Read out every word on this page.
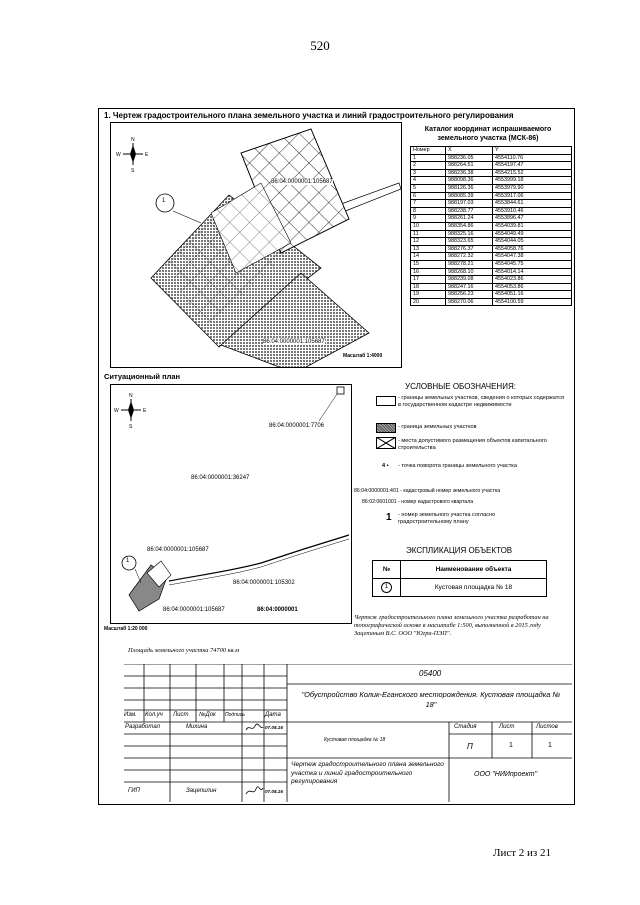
520
1. Чертеж градостроительного плана земельного участка и линий градостроительного регулирования
N
W	E
S
86:04:0000001:105687
86:04:0000001:105687
1
Масштаб 1:4000
Каталог координат испрашиваемого земельного участка (МСК-86)
Номер	X	Y
1	988236.05	4554110.76
2	988264.51	4554197.47
3	988236.38	4554215.52
4	988098.36	4553999.18
5	988126.36	4553979.90
6	988085.39	4553917.06
7	988197.03	4553844.61
8	988238.77	4553910.46
9	988261.24	4553896.47
10	988354.86	4554039.81
11	988325.16	4554049.49
12	988323.65	4554044.05
13	988276.37	4554058.76
14	988272.32	4554047.38
15	988278.21	4554045.75
16	988268.10	4554014.14
17	988239.08	4554023.86
18	988247.16	4554053.86
19	988256.23	4554051.16
20	988270.06	4554100.59
Ситуационный план
N
W	E
S	86:04:0000001:7706
86:04:0000001:36247
86:04:0000001:105687
86:04:0000001:105302
86:04:0000001:105687	86:04:0000001
1
Масштаб 1:20 000
УСЛОВНЫЕ ОБОЗНАЧЕНИЯ:
- границы земельных участков, сведения о которых содержатся в государственном кадастре недвижимости
- граница земельных участков
- места допустимого размещения объектов капитального строительства
4 • - точка поворота границы земельного участка
86:04:0000001:401 - кадастровый номер земельного участка
86:02:0601001 - номер кадастрового квартала
1 - номер земельного участка согласно градостроительному плану
ЭКСПЛИКАЦИЯ ОБЪЕКТОВ
№	Наименование объекта
1	Кустовая площадка № 18
Чертеж градостроительного плана земельного участка разработан на топографической основе в масштабе 1:500, выполненной в 2015 году Зацепиным В.С. ООО "Югра-ПЭП".
Площадь земельного участка 74700 кв.м
05400
"Обустройство Колик-Еганского месторождения. Кустовая площадка № 18"
Изм. Кол.уч Лист №Док Подпись	Дата
Разработал	Михина	07.08.16
Кустовая площадка № 18
Стадия	Лист	Листов
П	1	1
Чертеж градостроительного плана земельного участка и линий градостроительного регулирования
ООО "НИИпроект"
ГИП	Зацепилин	07.08.16
Лист 2 из 21
